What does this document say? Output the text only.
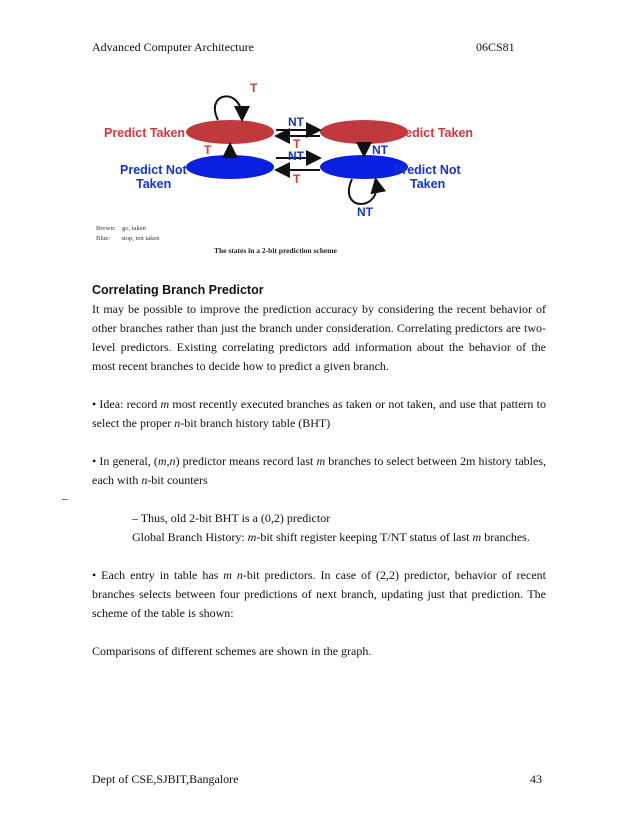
Advanced Computer Architecture	06CS81
Predict Taken	Predict Taken
Predict Not
Taken
Predict Not
Taken
T
NT
T
NT
T	NT
T
NT
Brown:    go, taken
Blue:       stop, not taken
The states in a 2-bit prediction scheme

Correlating Branch Predictor

It may be possible to improve the prediction accuracy by considering the recent behavior of other branches rather than just the branch under consideration. Correlating predictors are two-level predictors. Existing correlating predictors add information about the behavior of the most recent branches to decide how to predict a given branch.

• Idea: record m most recently executed branches as taken or not taken, and use that pattern to select the proper n-bit branch history table (BHT)

• In general, (m,n) predictor means record last m branches to select between 2m history tables, each with n-bit counters

– Thus, old 2-bit BHT is a (0,2) predictor

Global Branch History: m-bit shift register keeping T/NT status of last m branches.

• Each entry in table has m n-bit predictors. In case of (2,2) predictor, behavior of recent branches selects between four predictions of next branch, updating just that prediction. The scheme of the table is shown:

Comparisons of different schemes are shown in the graph.

–
Dept of CSE,SJBIT,Bangalore	43
